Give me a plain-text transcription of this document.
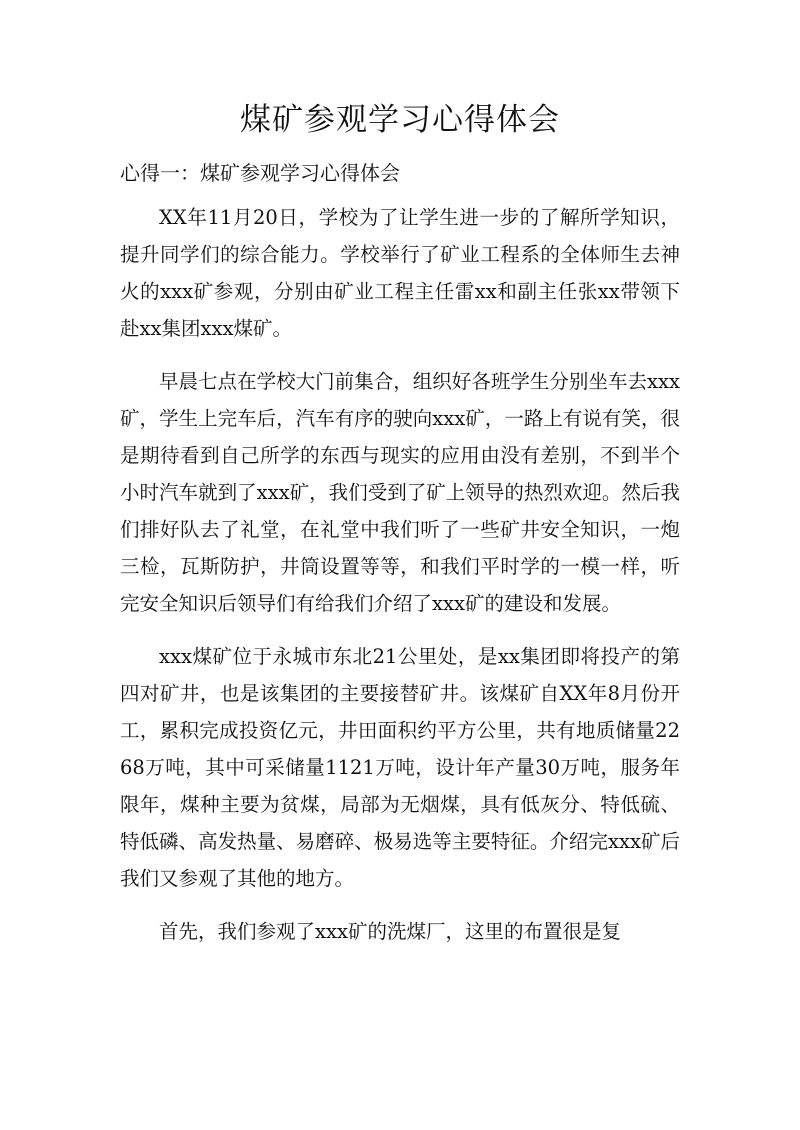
煤矿参观学习心得体会
心得一：煤矿参观学习心得体会

XX年11月20日，学校为了让学生进一步的了解所学知识，提升同学们的综合能力。学校举行了矿业工程系的全体师生去神火的xxx矿参观，分别由矿业工程主任雷xx和副主任张xx带领下赴xx集团xxx煤矿。

早晨七点在学校大门前集合，组织好各班学生分别坐车去xxx矿，学生上完车后，汽车有序的驶向xxx矿，一路上有说有笑，很是期待看到自己所学的东西与现实的应用由没有差别，不到半个小时汽车就到了xxx矿，我们受到了矿上领导的热烈欢迎。然后我们排好队去了礼堂，在礼堂中我们听了一些矿井安全知识，一炮三检，瓦斯防护，井筒设置等等，和我们平时学的一模一样，听完安全知识后领导们有给我们介绍了xxx矿的建设和发展。

xxx煤矿位于永城市东北21公里处，是xx集团即将投产的第四对矿井，也是该集团的主要接替矿井。该煤矿自XX年8月份开工，累积完成投资亿元，井田面积约平方公里，共有地质储量2268万吨，其中可采储量1121万吨，设计年产量30万吨，服务年限年，煤种主要为贫煤，局部为无烟煤，具有低灰分、特低硫、特低磷、高发热量、易磨碎、极易选等主要特征。介绍完xxx矿后我们又参观了其他的地方。

首先，我们参观了xxx矿的洗煤厂，这里的布置很是复
